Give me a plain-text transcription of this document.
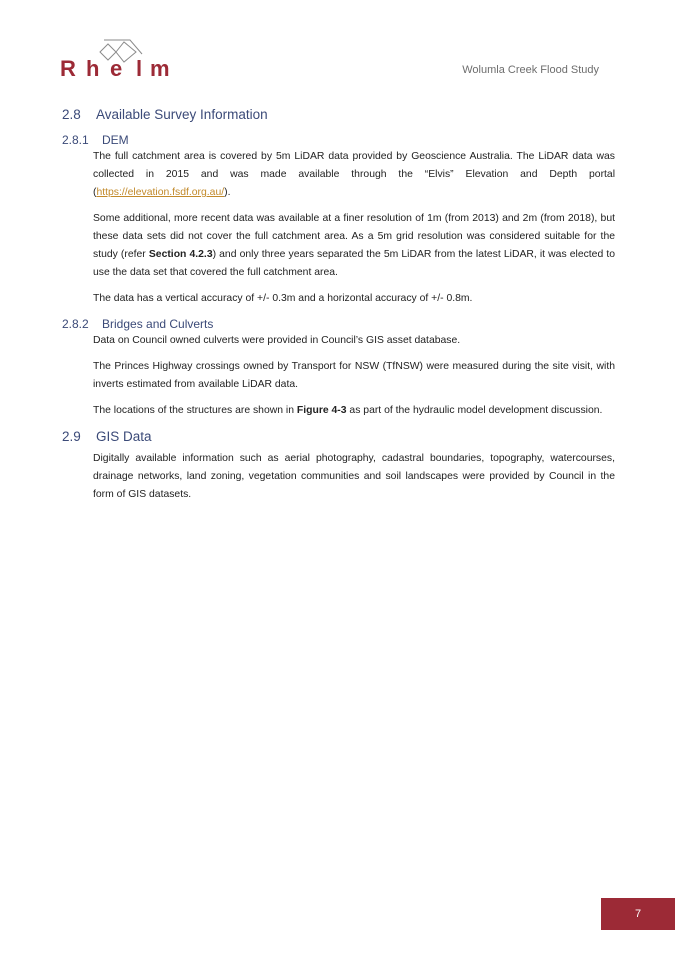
R h e l m	Wolumla Creek Flood Study
2.8	Available Survey Information
2.8.1	DEM

The full catchment area is covered by 5m LiDAR data provided by Geoscience Australia. The LiDAR data was collected in 2015 and was made available through the “Elvis” Elevation and Depth portal (https://elevation.fsdf.org.au/).

Some additional, more recent data was available at a finer resolution of 1m (from 2013) and 2m (from 2018), but these data sets did not cover the full catchment area. As a 5m grid resolution was considered suitable for the study (refer Section 4.2.3) and only three years separated the 5m LiDAR from the latest LiDAR, it was elected to use the data set that covered the full catchment area.

The data has a vertical accuracy of +/- 0.3m and a horizontal accuracy of +/- 0.8m.

2.8.2	Bridges and Culverts

Data on Council owned culverts were provided in Council’s GIS asset database.

The Princes Highway crossings owned by Transport for NSW (TfNSW) were measured during the site visit, with inverts estimated from available LiDAR data.

The locations of the structures are shown in Figure 4-3 as part of the hydraulic model development discussion.

2.9	GIS Data

Digitally available information such as aerial photography, cadastral boundaries, topography, watercourses, drainage networks, land zoning, vegetation communities and soil landscapes were provided by Council in the form of GIS datasets.

7
